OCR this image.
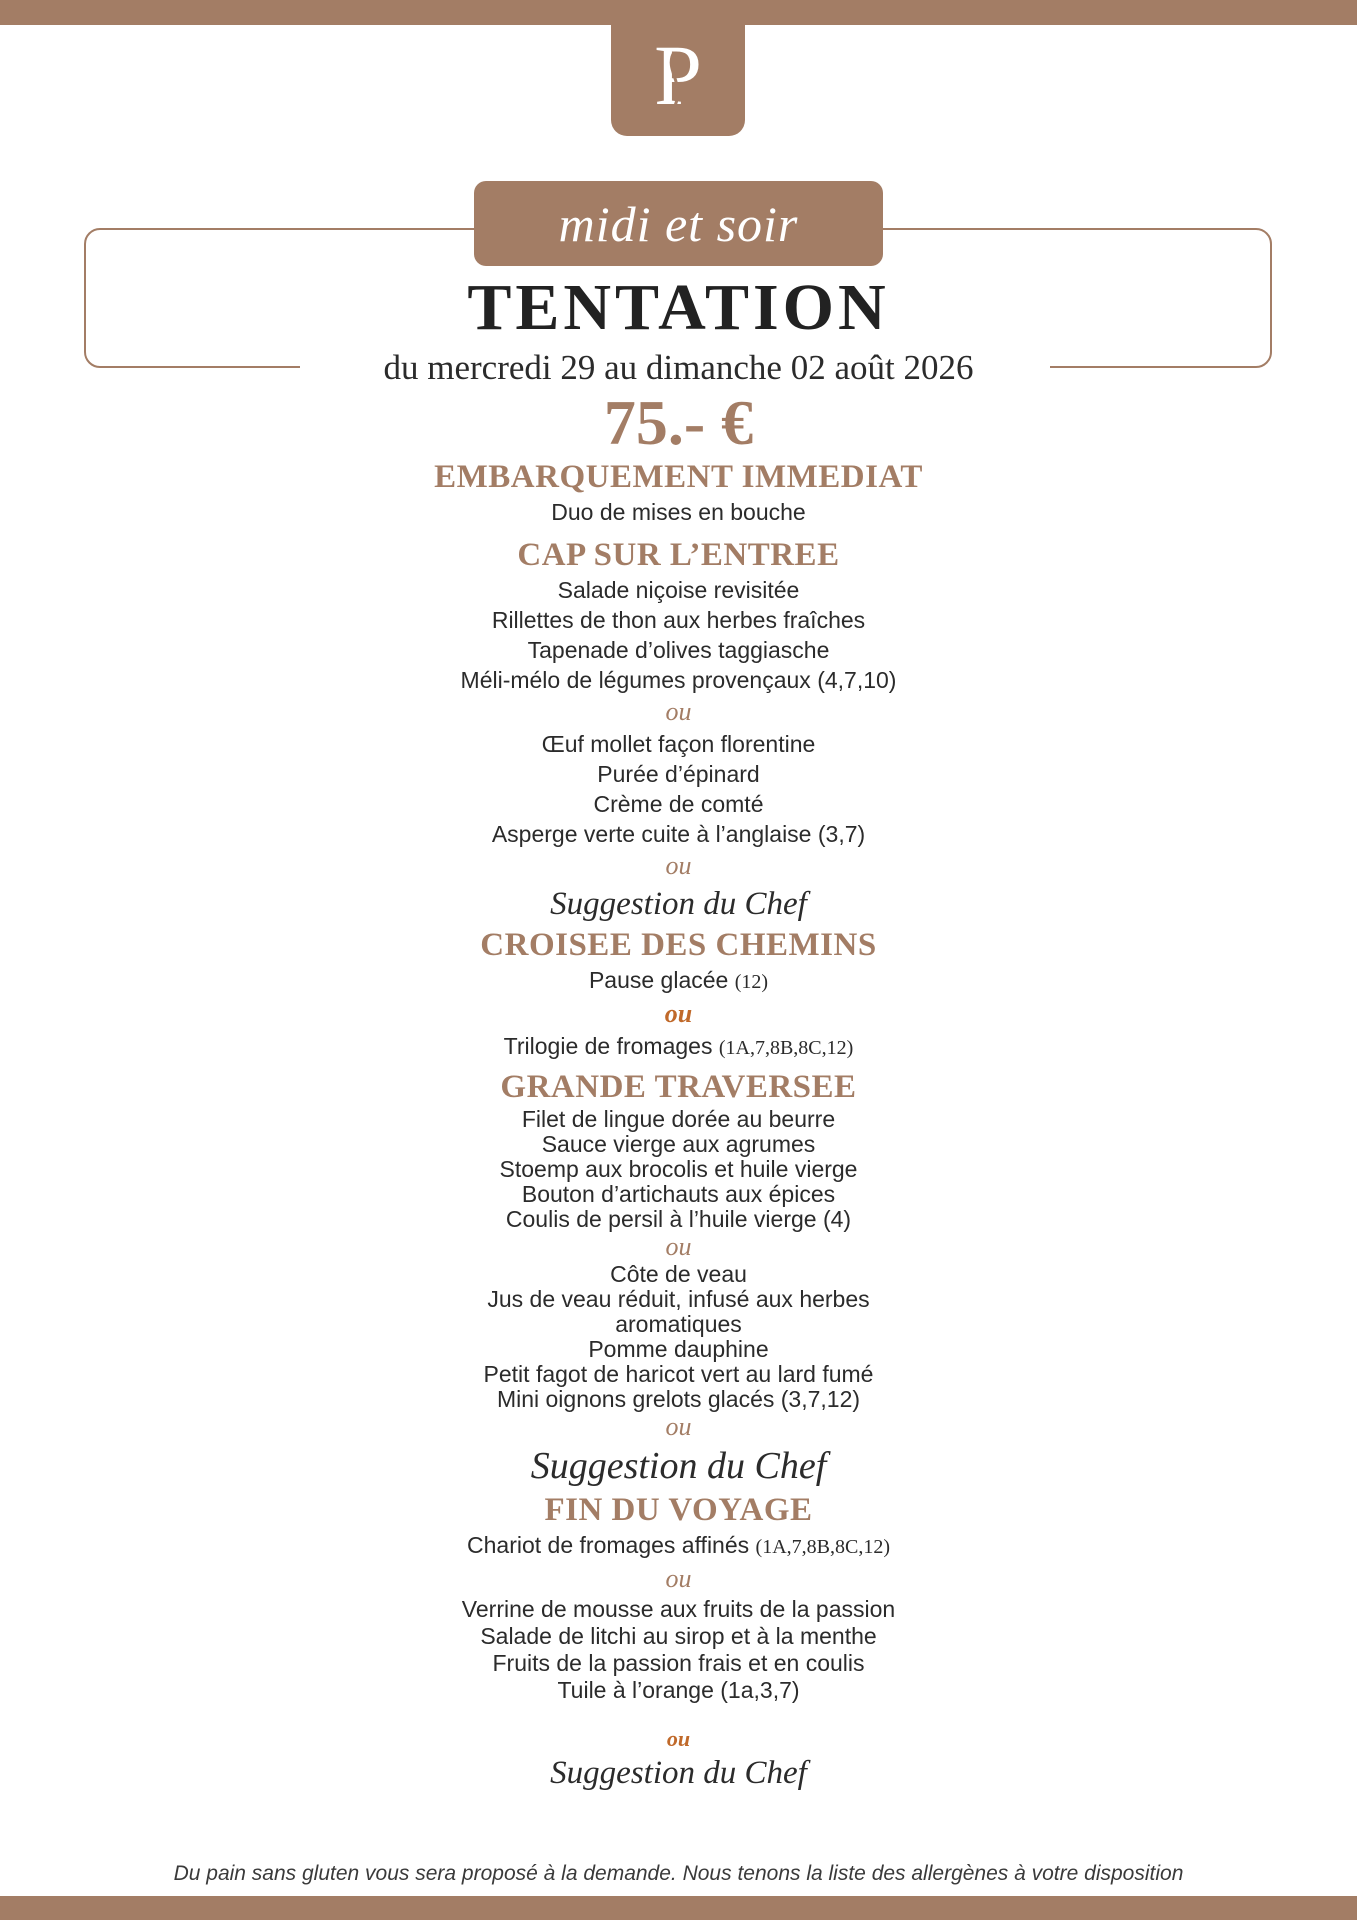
P
midi et soir
TENTATION
du mercredi 29 au dimanche 02 août 2026
75.- €
EMBARQUEMENT IMMEDIAT
Duo de mises en bouche
CAP SUR L’ENTREE
Salade niçoise revisitée
Rillettes de thon aux herbes fraîches
Tapenade d’olives taggiasche
Méli-mélo de légumes provençaux (4,7,10)
ou
Œuf mollet façon florentine
Purée d’épinard
Crème de comté
Asperge verte cuite à l’anglaise (3,7)
ou
Suggestion du Chef
CROISEE DES CHEMINS
Pause glacée (12)
ou
Trilogie de fromages (1A,7,8B,8C,12)
GRANDE TRAVERSEE
Filet de lingue dorée au beurre
Sauce vierge aux agrumes
Stoemp aux brocolis et huile vierge
Bouton d’artichauts aux épices
Coulis de persil à l’huile vierge (4)
ou
Côte de veau
Jus de veau réduit, infusé aux herbes
aromatiques
Pomme dauphine
Petit fagot de haricot vert au lard fumé
Mini oignons grelots glacés (3,7,12)
ou
Suggestion du Chef
FIN DU VOYAGE
Chariot de fromages affinés (1A,7,8B,8C,12)
ou
Verrine de mousse aux fruits de la passion
Salade de litchi au sirop et à la menthe
Fruits de la passion frais et en coulis
Tuile à l’orange (1a,3,7)
ou
Suggestion du Chef
Du pain sans gluten vous sera proposé à la demande. Nous tenons la liste des allergènes à votre disposition
